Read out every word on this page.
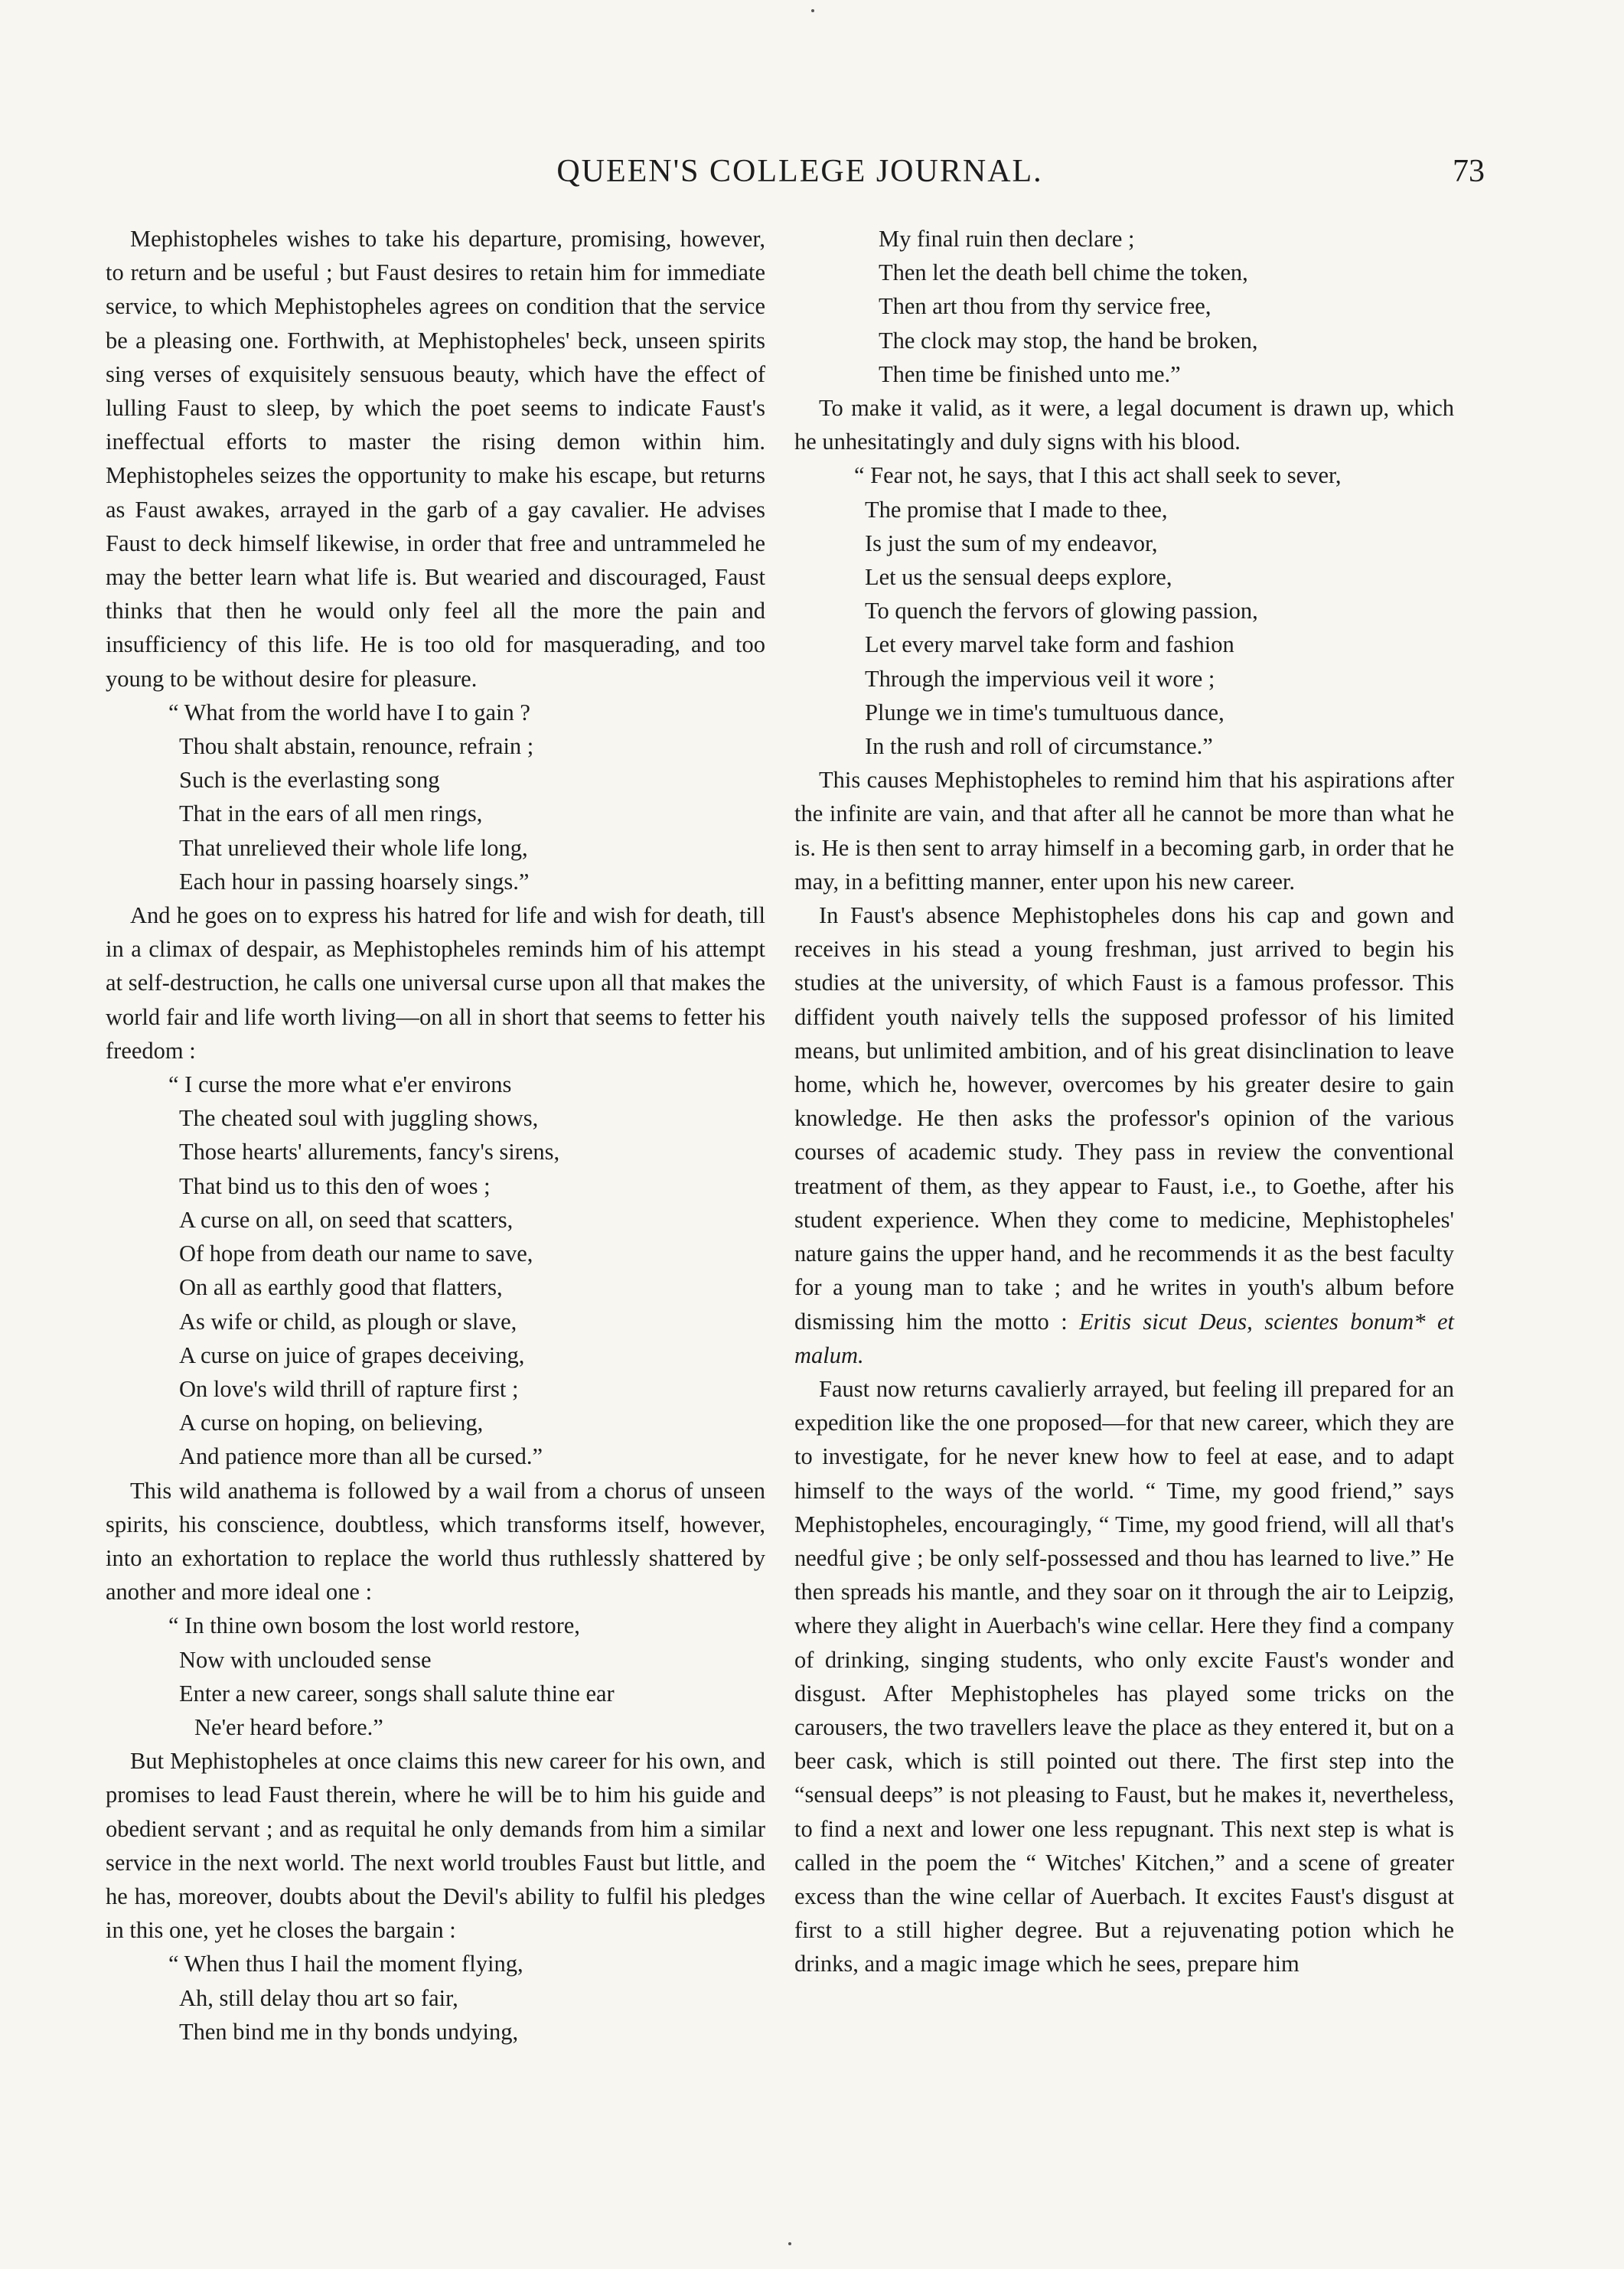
QUEEN'S COLLEGE JOURNAL.	73

Mephistopheles wishes to take his departure, promising, however, to return and be useful ; but Faust desires to retain him for immediate service, to which Mephistopheles agrees on condition that the service be a pleasing one. Forthwith, at Mephistopheles' beck, unseen spirits sing verses of exquisitely sensuous beauty, which have the effect of lulling Faust to sleep, by which the poet seems to indicate Faust's ineffectual efforts to master the rising demon within him. Mephistopheles seizes the opportunity to make his escape, but returns as Faust awakes, arrayed in the garb of a gay cavalier. He advises Faust to deck himself likewise, in order that free and untrammeled he may the better learn what life is. But wearied and discouraged, Faust thinks that then he would only feel all the more the pain and insufficiency of this life. He is too old for masquerading, and too young to be without desire for pleasure.

“ What from the world have I to gain ?
Thou shalt abstain, renounce, refrain ;
Such is the everlasting song
That in the ears of all men rings,
That unrelieved their whole life long,
Each hour in passing hoarsely sings.”

And he goes on to express his hatred for life and wish for death, till in a climax of despair, as Mephistopheles reminds him of his attempt at self-destruction, he calls one universal curse upon all that makes the world fair and life worth living—on all in short that seems to fetter his freedom :

“ I curse the more what e'er environs
The cheated soul with juggling shows,
Those hearts' allurements, fancy's sirens,
That bind us to this den of woes ;
A curse on all, on seed that scatters,
Of hope from death our name to save,
On all as earthly good that flatters,
As wife or child, as plough or slave,
A curse on juice of grapes deceiving,
On love's wild thrill of rapture first ;
A curse on hoping, on believing,
And patience more than all be cursed.”

This wild anathema is followed by a wail from a chorus of unseen spirits, his conscience, doubtless, which transforms itself, however, into an exhortation to replace the world thus ruthlessly shattered by another and more ideal one :

“ In thine own bosom the lost world restore,
Now with unclouded sense
Enter a new career, songs shall salute thine ear
Ne'er heard before.”

But Mephistopheles at once claims this new career for his own, and promises to lead Faust therein, where he will be to him his guide and obedient servant ; and as requital he only demands from him a similar service in the next world. The next world troubles Faust but little, and he has, moreover, doubts about the Devil's ability to fulfil his pledges in this one, yet he closes the bargain :

“ When thus I hail the moment flying,
Ah, still delay thou art so fair,
Then bind me in thy bonds undying,
My final ruin then declare ;
Then let the death bell chime the token,
Then art thou from thy service free,
The clock may stop, the hand be broken,
Then time be finished unto me.”

To make it valid, as it were, a legal document is drawn up, which he unhesitatingly and duly signs with his blood.

“ Fear not, he says, that I this act shall seek to sever,
The promise that I made to thee,
Is just the sum of my endeavor,
Let us the sensual deeps explore,
To quench the fervors of glowing passion,
Let every marvel take form and fashion
Through the impervious veil it wore ;
Plunge we in time's tumultuous dance,
In the rush and roll of circumstance.”

This causes Mephistopheles to remind him that his aspirations after the infinite are vain, and that after all he cannot be more than what he is. He is then sent to array himself in a becoming garb, in order that he may, in a befitting manner, enter upon his new career.

In Faust's absence Mephistopheles dons his cap and gown and receives in his stead a young freshman, just arrived to begin his studies at the university, of which Faust is a famous professor. This diffident youth naively tells the supposed professor of his limited means, but unlimited ambition, and of his great disinclination to leave home, which he, however, overcomes by his greater desire to gain knowledge. He then asks the professor's opinion of the various courses of academic study. They pass in review the conventional treatment of them, as they appear to Faust, i.e., to Goethe, after his student experience. When they come to medicine, Mephistopheles' nature gains the upper hand, and he recommends it as the best faculty for a young man to take ; and he writes in youth's album before dismissing him the motto : Eritis sicut Deus, scientes bonum* et malum.

Faust now returns cavalierly arrayed, but feeling ill prepared for an expedition like the one proposed—for that new career, which they are to investigate, for he never knew how to feel at ease, and to adapt himself to the ways of the world. “ Time, my good friend,” says Mephistopheles, encouragingly, “ Time, my good friend, will all that's needful give ; be only self-possessed and thou has learned to live.” He then spreads his mantle, and they soar on it through the air to Leipzig, where they alight in Auerbach's wine cellar. Here they find a company of drinking, singing students, who only excite Faust's wonder and disgust. After Mephistopheles has played some tricks on the carousers, the two travellers leave the place as they entered it, but on a beer cask, which is still pointed out there. The first step into the “sensual deeps” is not pleasing to Faust, but he makes it, nevertheless, to find a next and lower one less repugnant. This next step is what is called in the poem the “ Witches' Kitchen,” and a scene of greater excess than the wine cellar of Auerbach. It excites Faust's disgust at first to a still higher degree. But a rejuvenating potion which he drinks, and a magic image which he sees, prepare him
